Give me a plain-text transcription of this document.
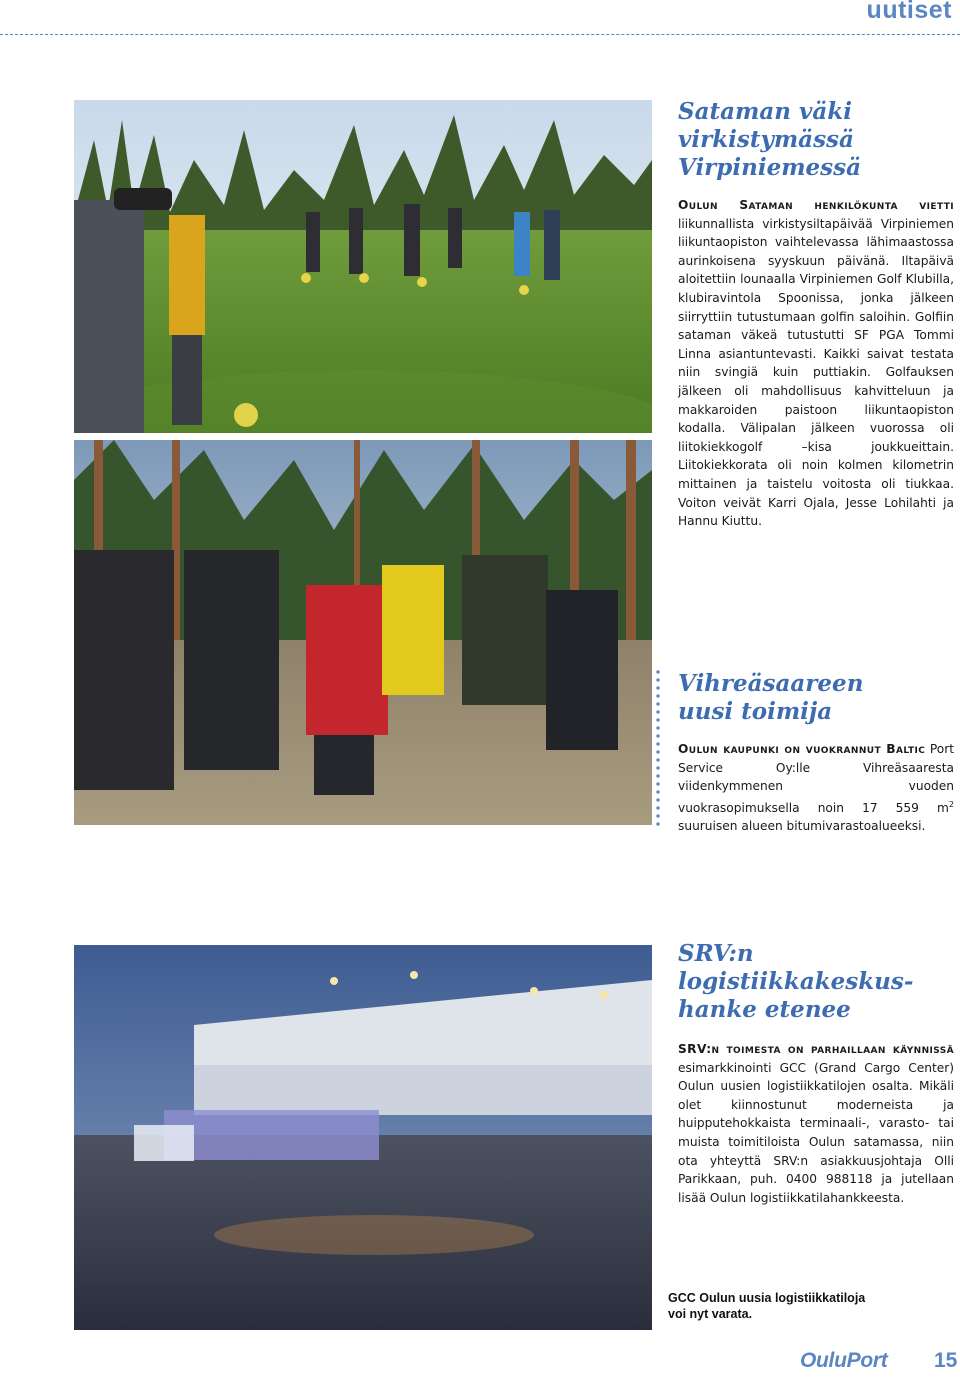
uutiset
Sataman väki
virkistymässä
Virpiniemessä

Oulun Sataman henkilökunta vietti liikunnallista virkistysiltapäivää Virpiniemen liikuntaopiston vaihtelevassa lähimaastossa aurinkoisena syyskuun päivänä. Iltapäivä aloitettiin lounaalla Virpiniemen Golf Klubilla, klubiravintola Spoonissa, jonka jälkeen siirryttiin tutustumaan golfin saloihin. Golfiin sataman väkeä tutustutti SF PGA Tommi Linna asiantuntevasti. Kaikki saivat testata niin svingiä kuin puttiakin. Golfauksen jälkeen oli mahdollisuus kahvitteluun ja makkaroiden paistoon liikuntaopiston kodalla. Välipalan jälkeen vuorossa oli liitokiekkogolf –kisa joukkueittain. Liitokiekkorata oli noin kolmen kilometrin mittainen ja taistelu voitosta oli tiukkaa. Voiton veivät Karri Ojala, Jesse Lohilahti ja Hannu Kiuttu.

Vihreäsaareen
uusi toimija

Oulun kaupunki on vuokrannut Baltic Port Service Oy:lle Vihreäsaaresta viidenkymmenen vuoden vuokrasopimuksella noin 17 559 $m^2$ suuruisen alueen bitumivarastoalueeksi.

SRV:n
logistiikkakeskus-
hanke etenee

SRV:n toimesta on parhaillaan käynnissä esimarkkinointi GCC (Grand Cargo Center) Oulun uusien logistiikkatilojen osalta. Mikäli olet kiinnostunut moderneista ja huipputehokkaista terminaali-, varasto- tai muista toimitiloista Oulun satamassa, niin ota yhteyttä SRV:n asiakkuusjohtaja Olli Parikkaan, puh. 0400 988118 ja jutellaan lisää Oulun logistiikkatilahankkeesta.

GCC Oulun uusia logistiikkatiloja

voi nyt varata.

OuluPort 15
